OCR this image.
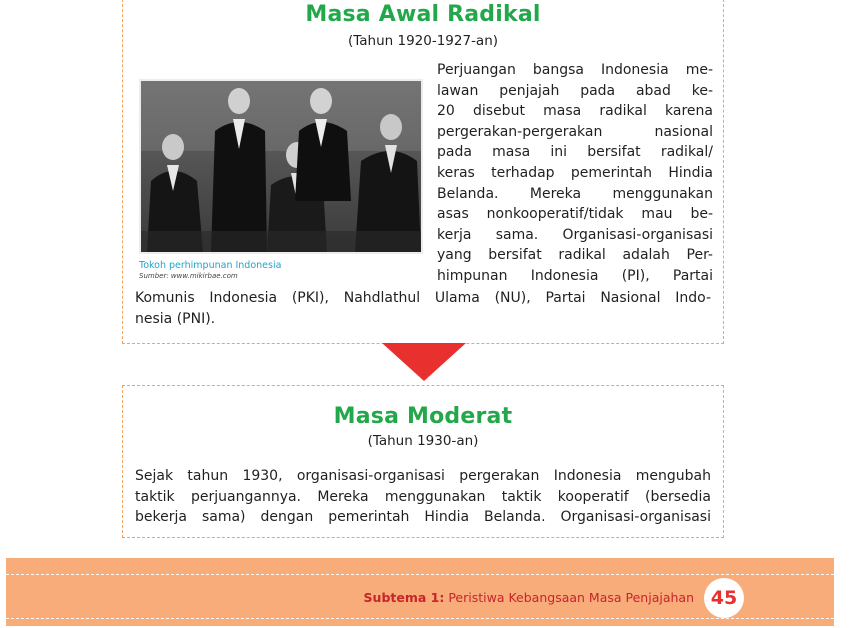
Masa Awal Radikal
(Tahun 1920-1927-an)
Tokoh perhimpunan Indonesia
Sumber: www.mikirbae.com
Perjuangan bangsa Indonesia me-
lawan penjajah pada abad ke-
20 disebut masa radikal karena
pergerakan-pergerakan nasional
pada masa ini bersifat radikal/
keras terhadap pemerintah Hindia
Belanda. Mereka menggunakan
asas nonkooperatif/tidak mau be-
kerja sama. Organisasi-organisasi
yang bersifat radikal adalah Per-
himpunan Indonesia (PI), Partai
Komunis Indonesia (PKI), Nahdlathul Ulama (NU), Partai Nasional Indo-
nesia (PNI).
Masa Moderat
(Tahun 1930-an)
Sejak tahun 1930, organisasi-organisasi pergerakan Indonesia mengubah
taktik perjuangannya. Mereka menggunakan taktik kooperatif (bersedia
bekerja sama) dengan pemerintah Hindia Belanda. Organisasi-organisasi
Subtema 1: Peristiwa Kebangsaan Masa Penjajahan 45
